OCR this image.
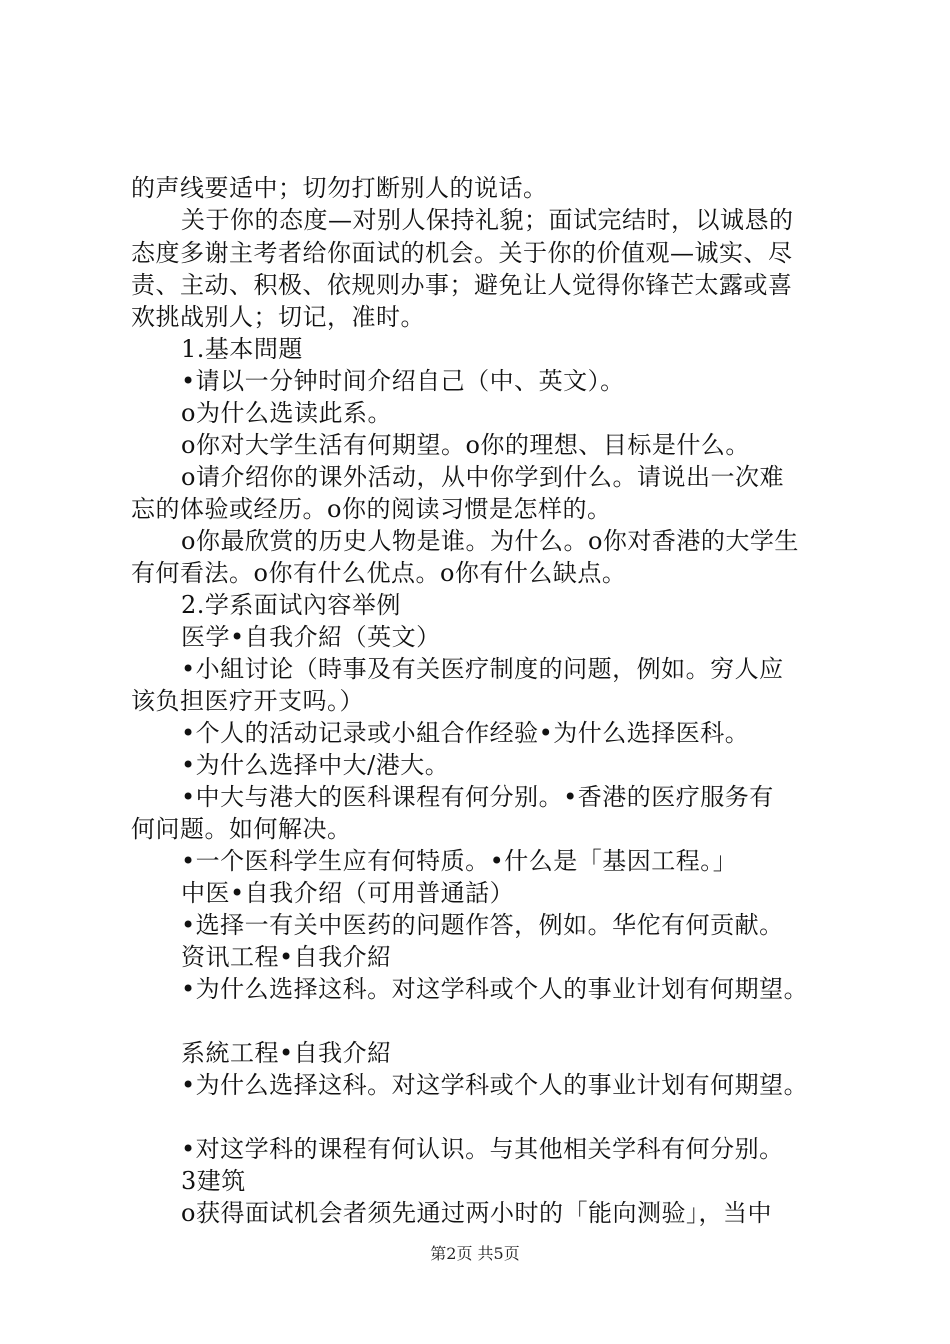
的声线要适中；切勿打断别人的说话。
关于你的态度—对别人保持礼貌；面试完结时，以诚恳的
态度多谢主考者给你面试的机会。关于你的价值观—诚实、尽
责、主动、积极、依规则办事；避免让人觉得你锋芒太露或喜
欢挑战别人；切记，准时。
1.基本問題
•请以一分钟时间介绍自己（中、英文）。
o为什么选读此系。
o你对大学生活有何期望。o你的理想、目标是什么。
o请介绍你的课外活动，从中你学到什么。请说出一次难
忘的体验或经历。o你的阅读习惯是怎样的。
o你最欣赏的历史人物是谁。为什么。o你对香港的大学生
有何看法。o你有什么优点。o你有什么缺点。
2.学系面试內容举例
医学•自我介紹（英文）
•小組讨论（時事及有关医疗制度的问题，例如。穷人应
该负担医疗开支吗。）
•个人的活动记录或小組合作经验•为什么选择医科。
•为什么选择中大/港大。
•中大与港大的医科课程有何分别。•香港的医疗服务有
何问题。如何解决。
•一个医科学生应有何特质。•什么是「基因工程。」
中医•自我介绍（可用普通話）
•选择一有关中医药的问题作答，例如。华佗有何贡献。
资讯工程•自我介紹
•为什么选择这科。对这学科或个人的事业计划有何期望。
系統工程•自我介紹
•为什么选择这科。对这学科或个人的事业计划有何期望。
•对这学科的课程有何认识。与其他相关学科有何分别。
3建筑
o获得面试机会者须先通过两小时的「能向测验」，当中
第2页 共5页
